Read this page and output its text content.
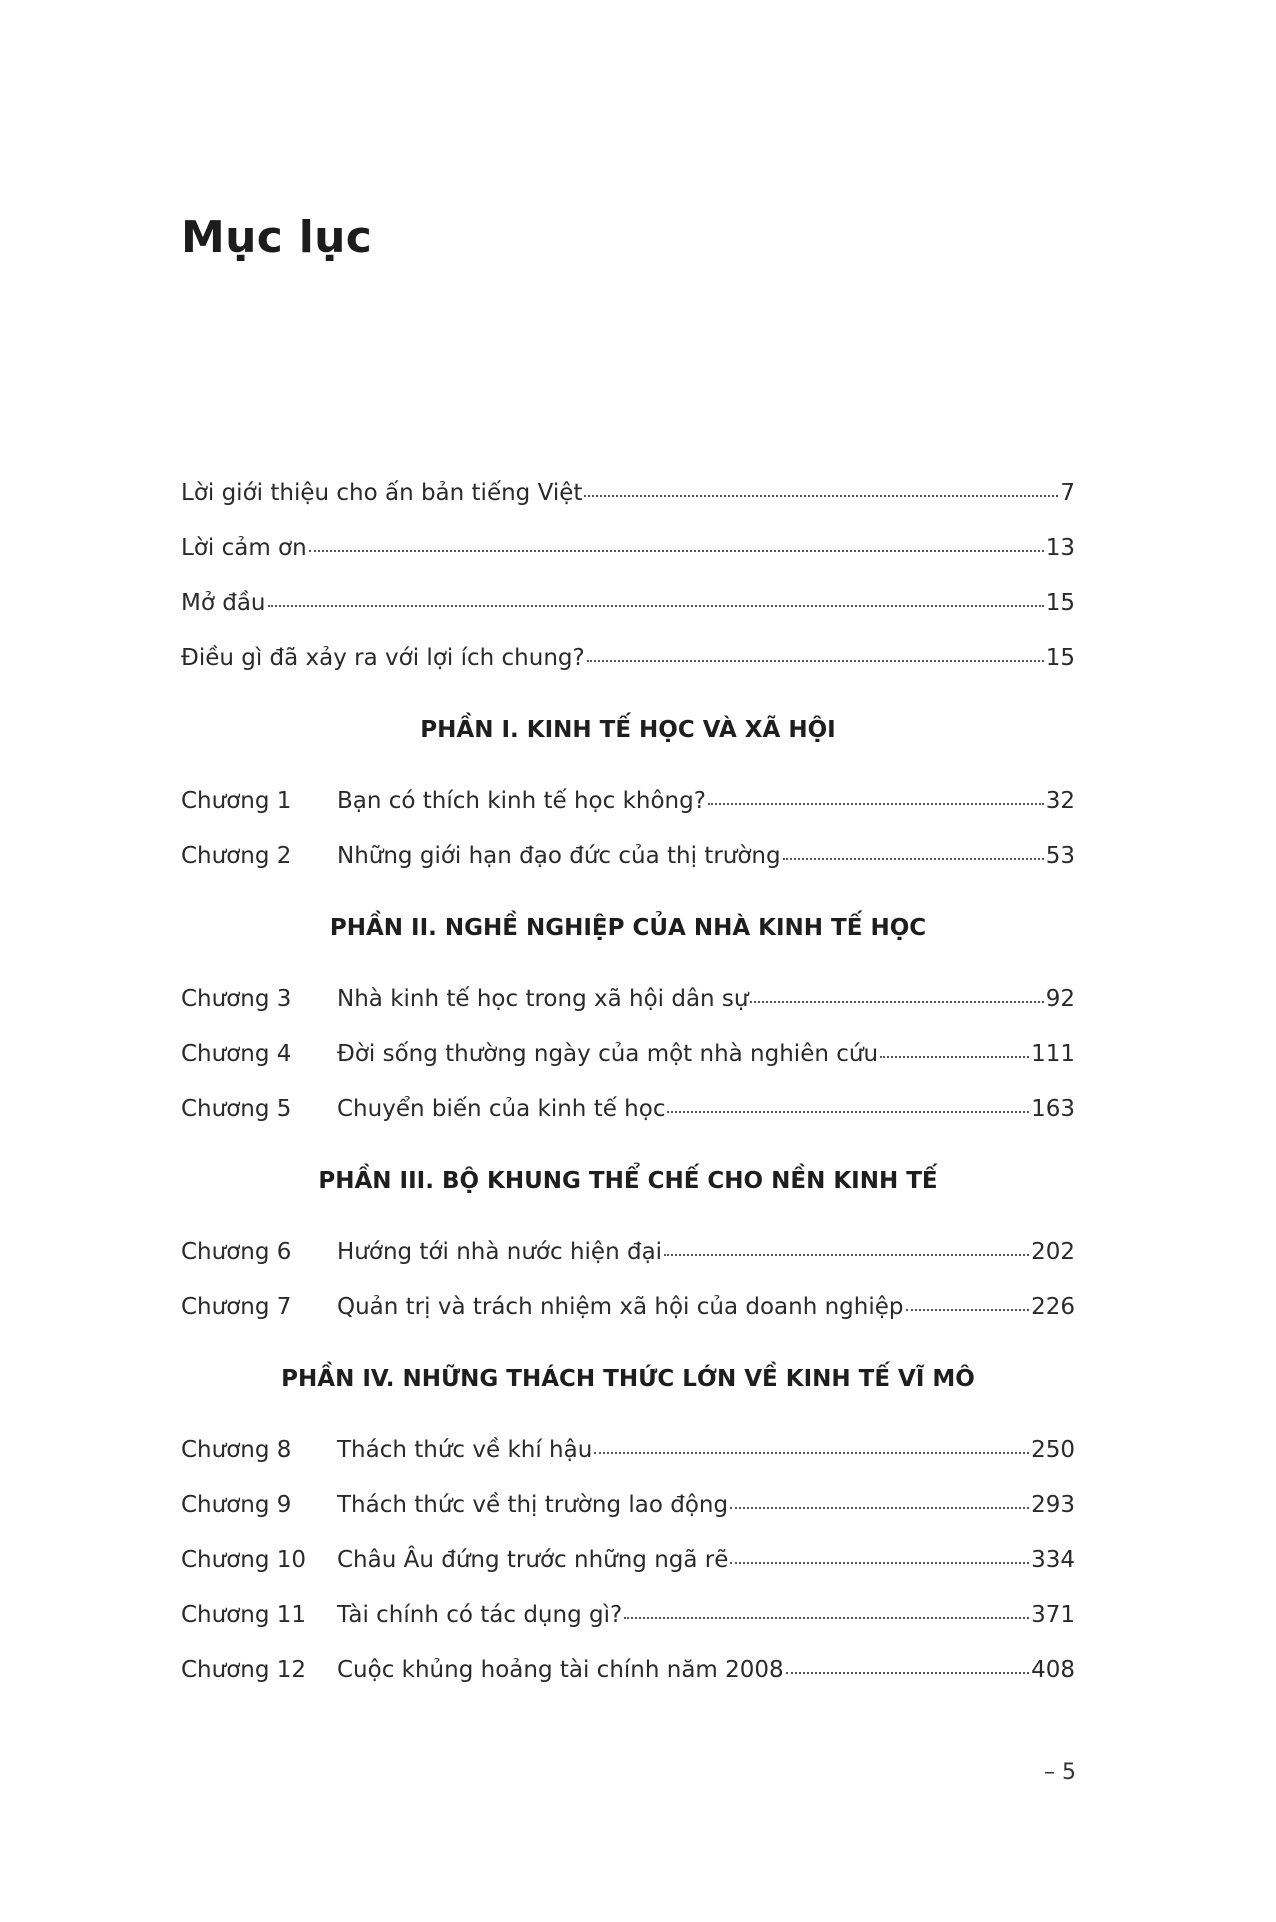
Mục lục
Lời giới thiệu cho ấn bản tiếng Việt	7
Lời cảm ơn	13
Mở đầu	15
Điều gì đã xảy ra với lợi ích chung?	15
PHẦN I. KINH TẾ HỌC VÀ XÃ HỘI
Chương 1	Bạn có thích kinh tế học không?	32
Chương 2	Những giới hạn đạo đức của thị trường	53
PHẦN II. NGHỀ NGHIỆP CỦA NHÀ KINH TẾ HỌC
Chương 3	Nhà kinh tế học trong xã hội dân sự	92
Chương 4	Đời sống thường ngày của một nhà nghiên cứu	111
Chương 5	Chuyển biến của kinh tế học	163
PHẦN III. BỘ KHUNG THỂ CHẾ CHO NỀN KINH TẾ
Chương 6	Hướng tới nhà nước hiện đại	202
Chương 7	Quản trị và trách nhiệm xã hội của doanh nghiệp	226
PHẦN IV. NHỮNG THÁCH THỨC LỚN VỀ KINH TẾ VĨ MÔ
Chương 8	Thách thức về khí hậu	250
Chương 9	Thách thức về thị trường lao động	293
Chương 10	Châu Âu đứng trước những ngã rẽ	334
Chương 11	Tài chính có tác dụng gì?	371
Chương 12	Cuộc khủng hoảng tài chính năm 2008	408
– 5
